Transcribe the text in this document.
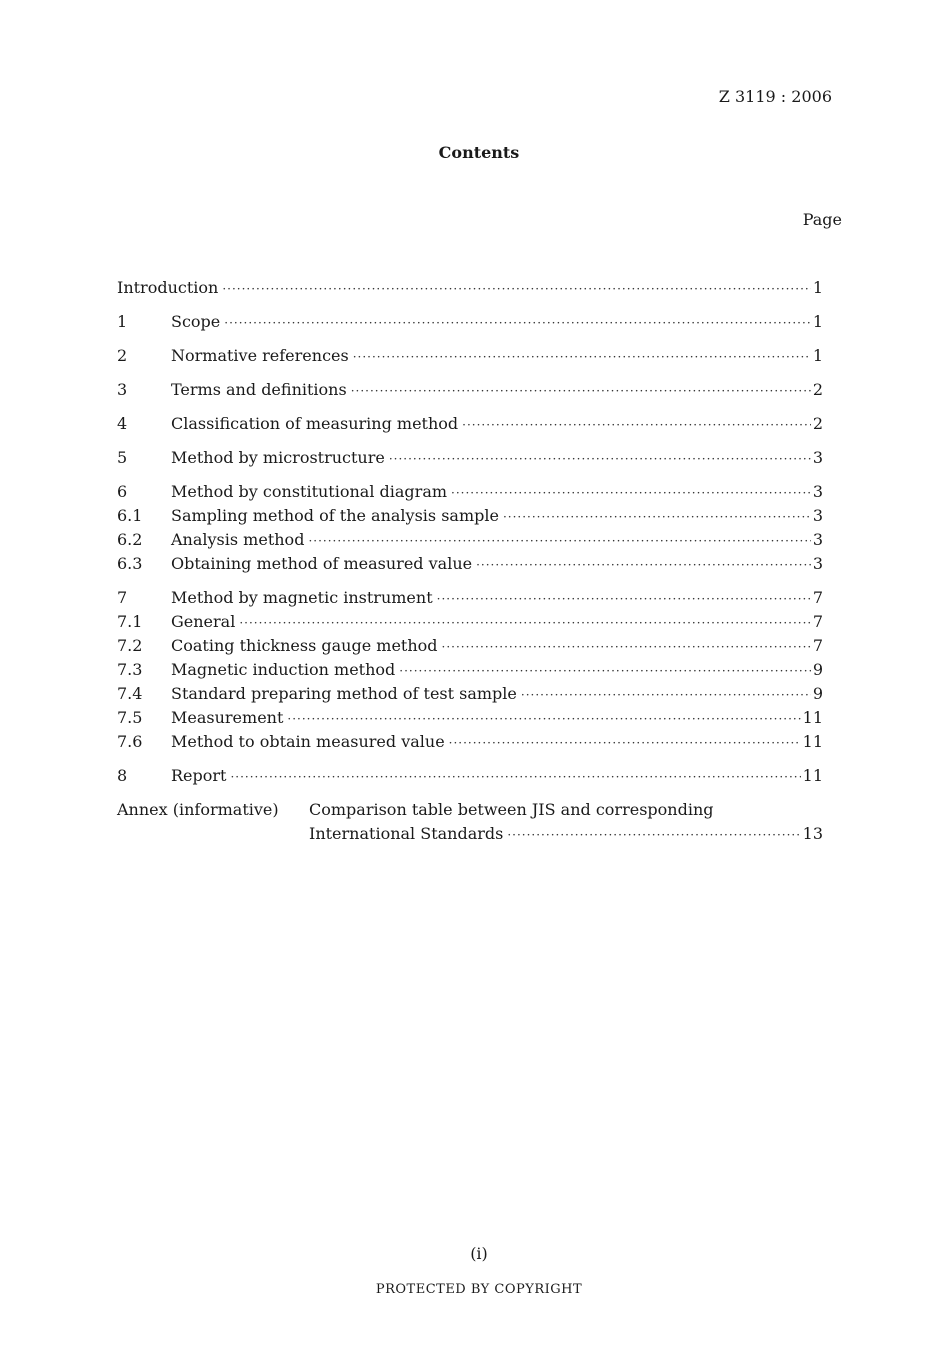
Z 3119 : 2006
Contents
Page
Introduction ·····	1
1	Scope ·····	1
2	Normative references ·····	1
3	Terms and definitions ·····	2
4	Classification of measuring method ·····	2
5	Method by microstructure ·····	3
6	Method by constitutional diagram ·····	3
6.1	Sampling method of the analysis sample ·····	3
6.2	Analysis method ·····	3
6.3	Obtaining method of measured value ·····	3
7	Method by magnetic instrument ·····	7
7.1	General ·····	7
7.2	Coating thickness gauge method ·····	7
7.3	Magnetic induction method ·····	9
7.4	Standard preparing method of test sample ·····	9
7.5	Measurement ·····	11
7.6	Method to obtain measured value ·····	11
8	Report ·····	11
Annex (informative)	Comparison table between JIS and corresponding
International Standards ·····	13
(i)
PROTECTED BY COPYRIGHT
